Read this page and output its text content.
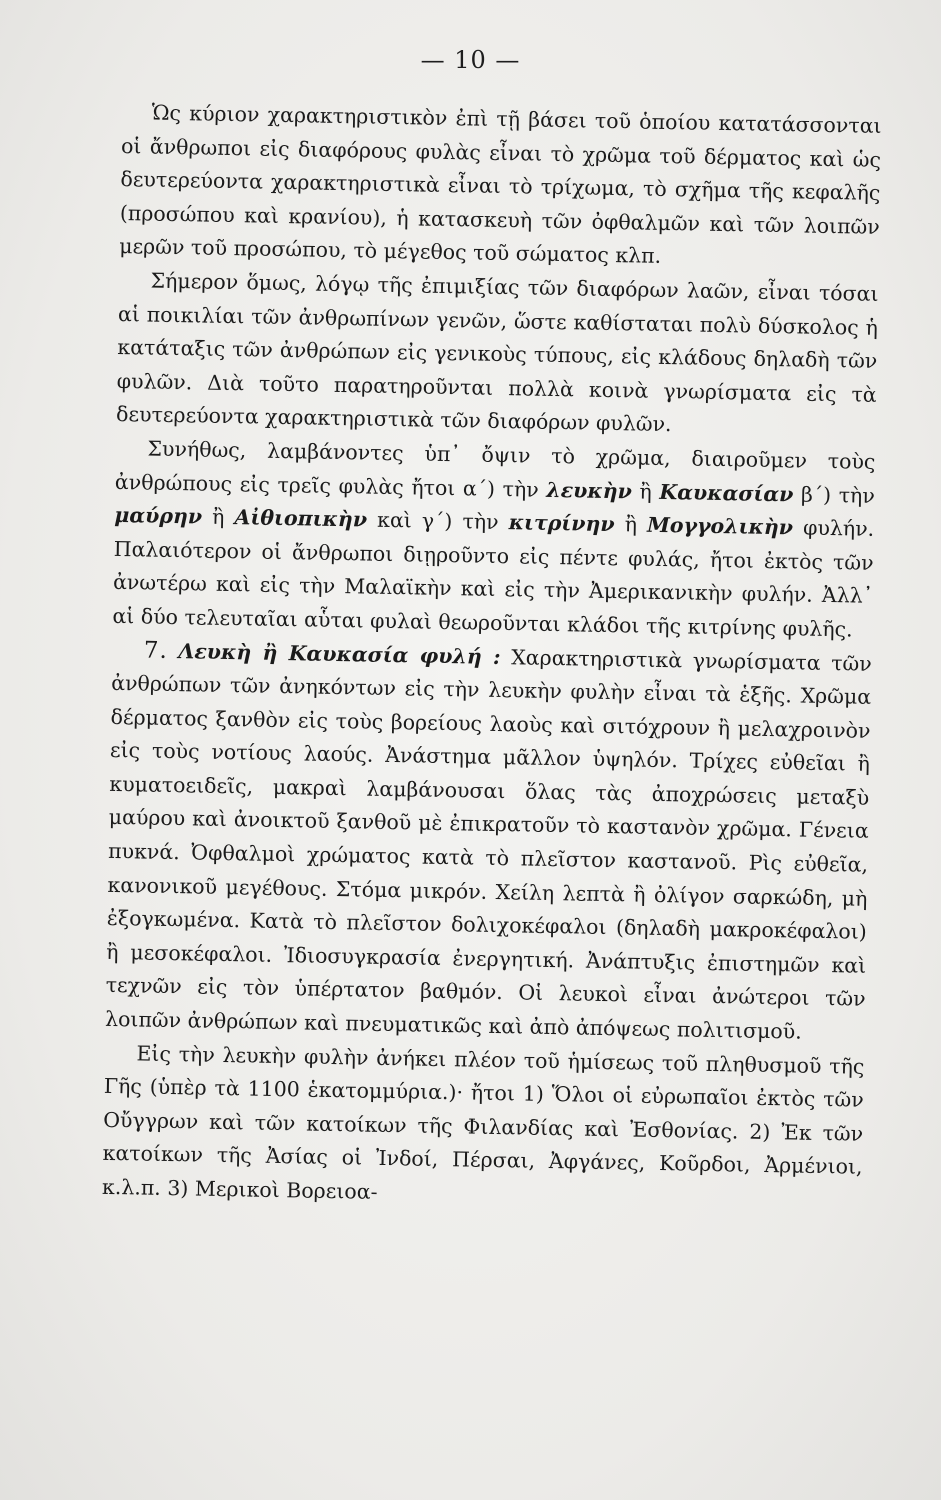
— 10 —

Ὡς κύριον χαρακτηριστικὸν ἐπὶ τῇ βάσει τοῦ ὁποίου κατατάσσονται οἱ ἄνθρωποι εἰς διαφόρους φυλὰς εἶναι τὸ χρῶμα τοῦ δέρματος καὶ ὡς δευτερεύοντα χαρακτηριστικὰ εἶναι τὸ τρίχωμα, τὸ σχῆμα τῆς κεφαλῆς (προσώπου καὶ κρανίου), ἡ κατασκευὴ τῶν ὀφθαλμῶν καὶ τῶν λοιπῶν μερῶν τοῦ προσώπου, τὸ μέγεθος τοῦ σώματος κλπ.

Σήμερον ὅμως, λόγῳ τῆς ἐπιμιξίας τῶν διαφόρων λαῶν, εἶναι τόσαι αἱ ποικιλίαι τῶν ἀνθρωπίνων γενῶν, ὥστε καθίσταται πολὺ δύσκολος ἡ κατάταξις τῶν ἀνθρώπων εἰς γενικοὺς τύπους, εἰς κλάδους δηλαδὴ τῶν φυλῶν. Διὰ τοῦτο παρατηροῦνται πολλὰ κοινὰ γνωρίσματα εἰς τὰ δευτερεύοντα χαρακτηριστικὰ τῶν διαφόρων φυλῶν.

Συνήθως, λαμβάνοντες ὑπ᾿ ὄψιν τὸ χρῶμα, διαιροῦμεν τοὺς ἀνθρώπους εἰς τρεῖς φυλὰς ἤτοι α΄) τὴν λευκὴν ἢ Καυκασίαν β΄) τὴν μαύρην ἢ Αἰθιοπικὴν καὶ γ΄) τὴν κιτρίνην ἢ Μογγολικὴν φυλήν. Παλαιότερον οἱ ἄνθρωποι διῃροῦντο εἰς πέντε φυλάς, ἤτοι ἐκτὸς τῶν ἀνωτέρω καὶ εἰς τὴν Μαλαϊκὴν καὶ εἰς τὴν Ἀμερικανικὴν φυλήν. Ἀλλ᾿ αἱ δύο τελευταῖαι αὗται φυλαὶ θεωροῦνται κλάδοι τῆς κιτρίνης φυλῆς.

7. Λευκὴ ἢ Καυκασία φυλή : Χαρακτηριστικὰ γνωρίσματα τῶν ἀνθρώπων τῶν ἀνηκόντων εἰς τὴν λευκὴν φυλὴν εἶναι τὰ ἑξῆς. Χρῶμα δέρματος ξανθὸν εἰς τοὺς βορείους λαοὺς καὶ σιτόχρουν ἢ μελαχροινὸν εἰς τοὺς νοτίους λαούς. Ἀνάστημα μᾶλλον ὑψηλόν. Τρίχες εὐθεῖαι ἢ κυματοειδεῖς, μακραὶ λαμβάνουσαι ὅλας τὰς ἀποχρώσεις μεταξὺ μαύρου καὶ ἀνοικτοῦ ξανθοῦ μὲ ἐπικρατοῦν τὸ καστανὸν χρῶμα. Γένεια πυκνά. Ὀφθαλμοὶ χρώματος κατὰ τὸ πλεῖστον καστανοῦ. Ρὶς εὐθεῖα, κανονικοῦ μεγέθους. Στόμα μικρόν. Χείλη λεπτὰ ἢ ὀλίγον σαρκώδη, μὴ ἐξογκωμένα. Κατὰ τὸ πλεῖστον δολιχοκέφαλοι (δηλαδὴ μακροκέφαλοι) ἢ μεσοκέφαλοι. Ἰδιοσυγκρασία ἐνεργητική. Ἀνάπτυξις ἐπιστημῶν καὶ τεχνῶν εἰς τὸν ὑπέρτατον βαθμόν. Οἱ λευκοὶ εἶναι ἀνώτεροι τῶν λοιπῶν ἀνθρώπων καὶ πνευματικῶς καὶ ἀπὸ ἀπόψεως πολιτισμοῦ.

Εἰς τὴν λευκὴν φυλὴν ἀνήκει πλέον τοῦ ἡμίσεως τοῦ πληθυσμοῦ τῆς Γῆς (ὑπὲρ τὰ 1100 ἑκατομμύρια.)· ἤτοι 1) Ὅλοι οἱ εὐρωπαῖοι ἐκτὸς τῶν Οὔγγρων καὶ τῶν κατοίκων τῆς Φιλανδίας καὶ Ἐσθονίας. 2) Ἐκ τῶν κατοίκων τῆς Ἀσίας οἱ Ἰνδοί, Πέρσαι, Ἀφγάνες, Κοῦρδοι, Ἀρμένιοι, κ.λ.π. 3) Μερικοὶ Βορειοα-
